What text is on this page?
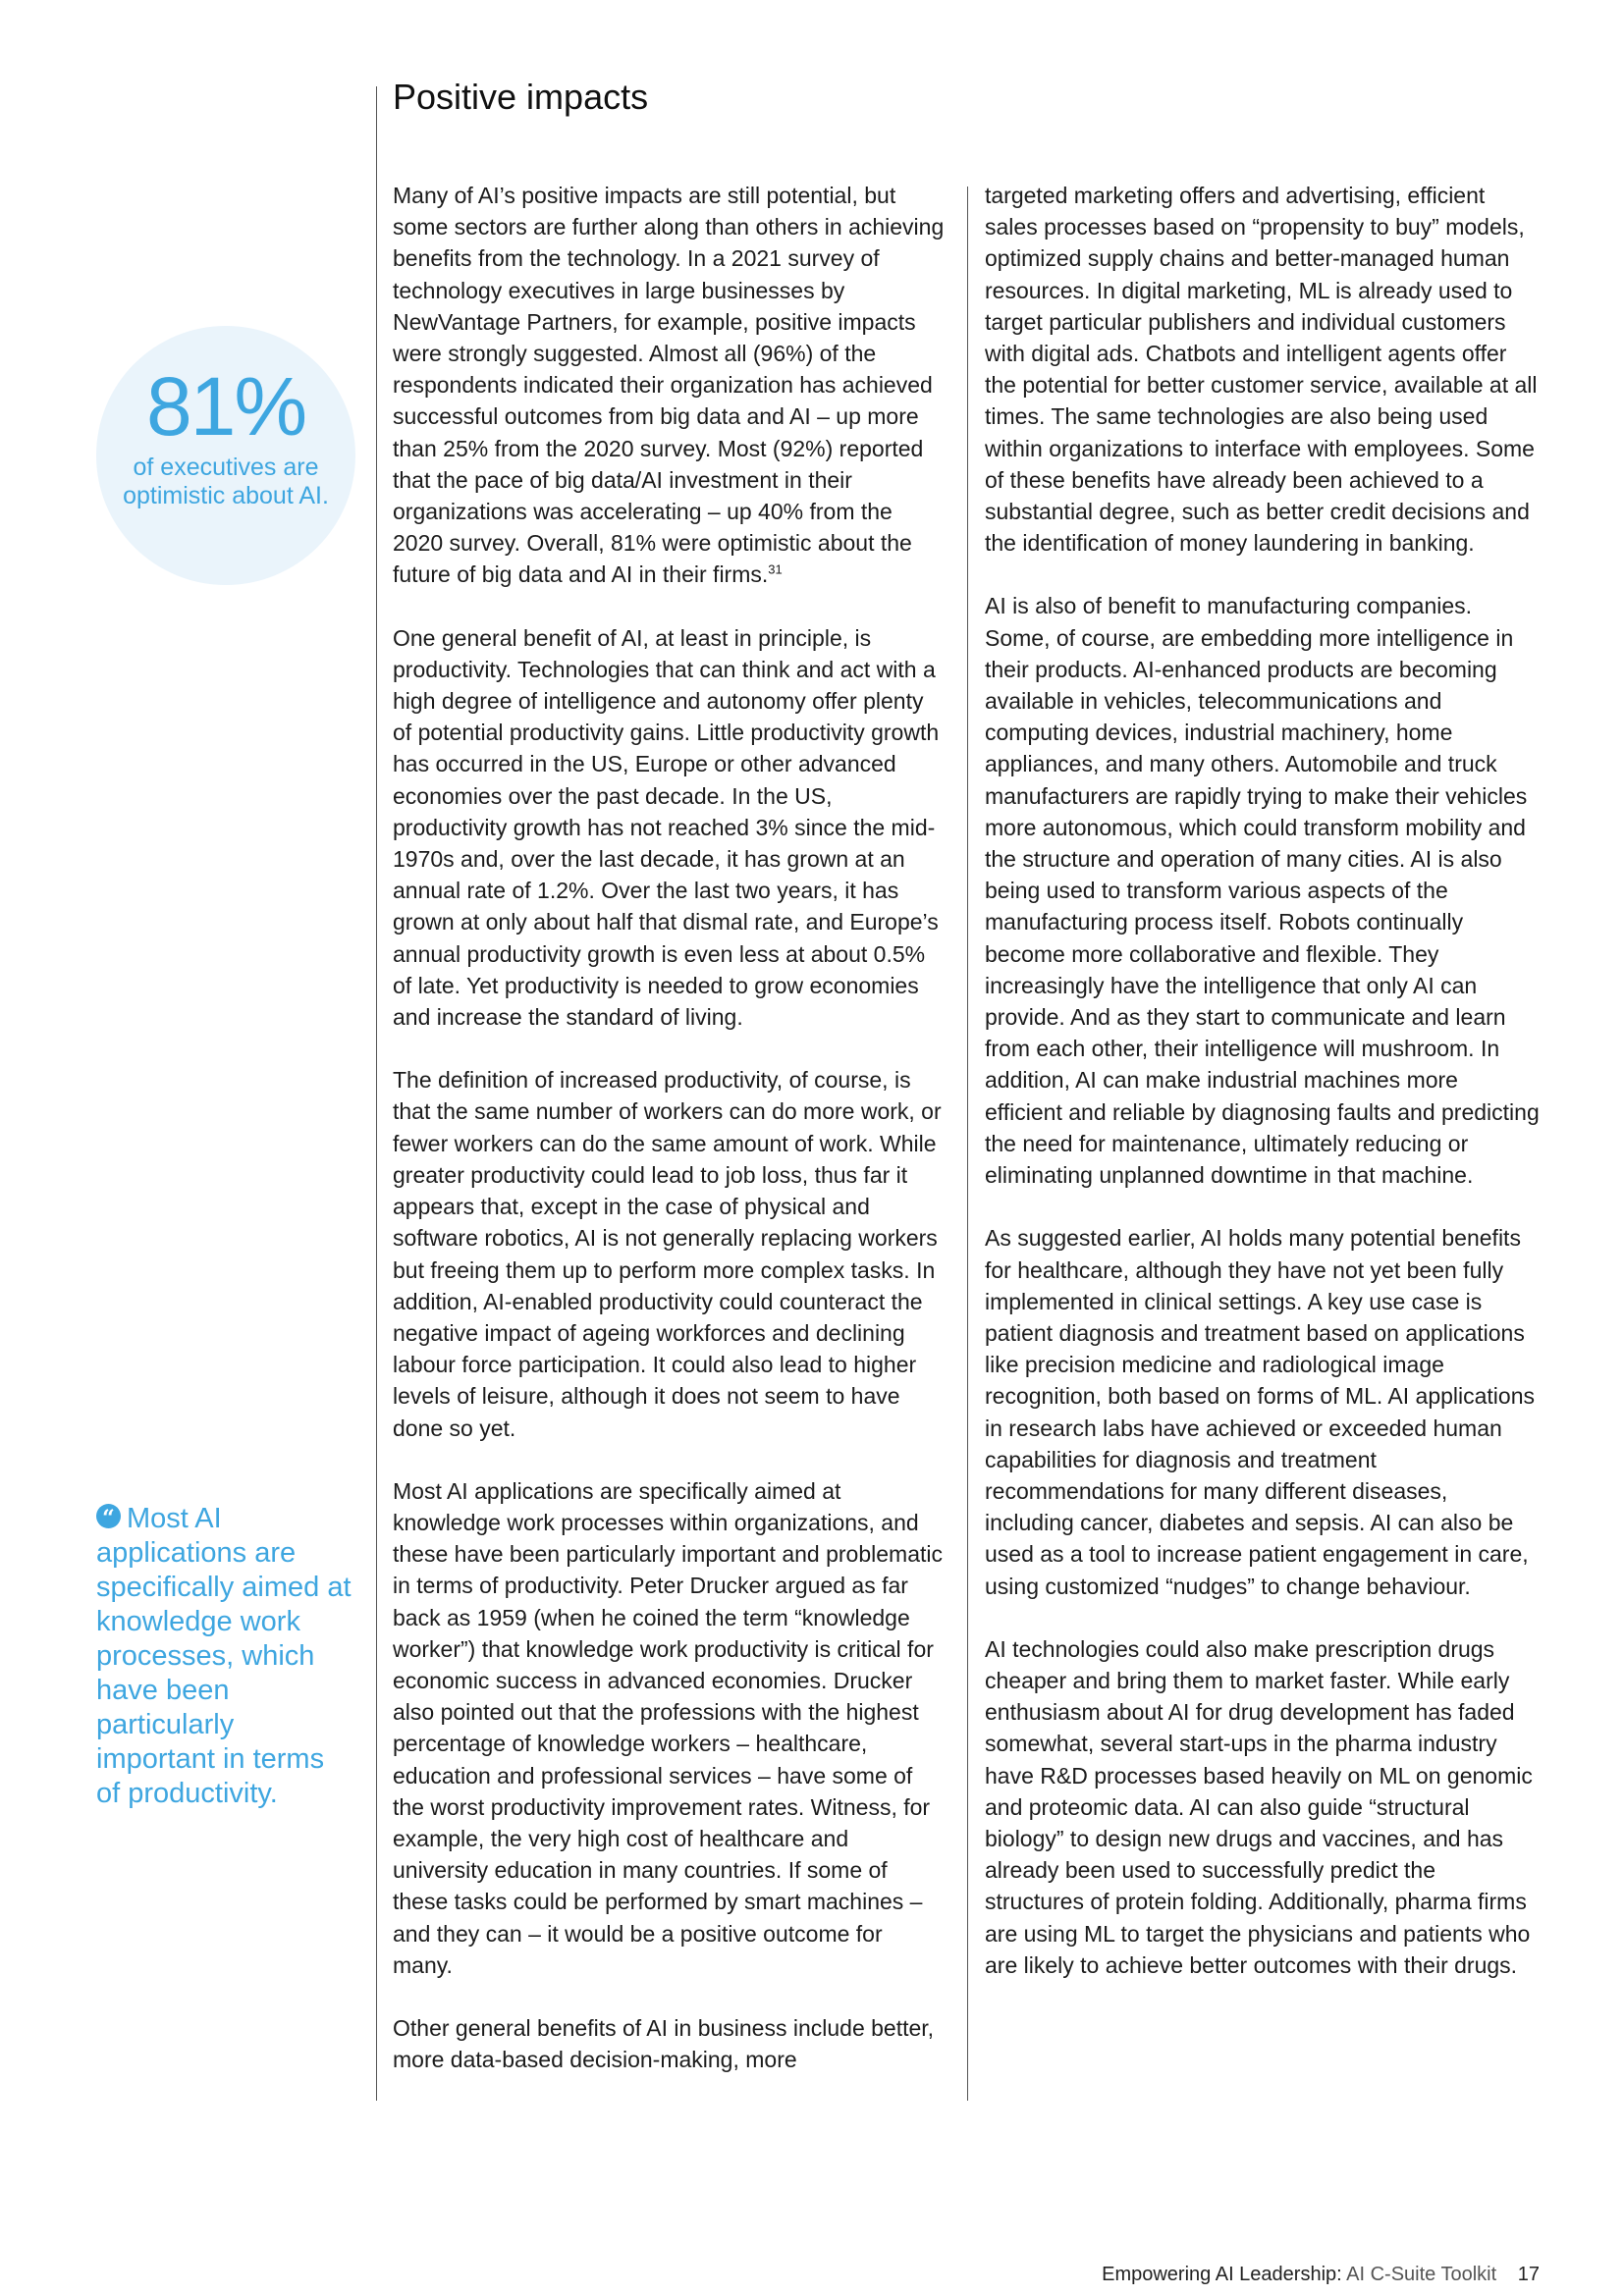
Positive impacts
81%
of executives are optimistic about AI.
“ Most AI applications are specifically aimed at knowledge work processes, which have been particularly important in terms of productivity.

Many of AI’s positive impacts are still potential, but some sectors are further along than others in achieving benefits from the technology. In a 2021 survey of technology executives in large businesses by NewVantage Partners, for example, positive impacts were strongly suggested. Almost all (96%) of the respondents indicated their organization has achieved successful outcomes from big data and AI – up more than 25% from the 2020 survey. Most (92%) reported that the pace of big data/AI investment in their organizations was accelerating – up 40% from the 2020 survey. Overall, 81% were optimistic about the future of big data and AI in their firms.$^{31}$

One general benefit of AI, at least in principle, is productivity. Technologies that can think and act with a high degree of intelligence and autonomy offer plenty of potential productivity gains. Little productivity growth has occurred in the US, Europe or other advanced economies over the past decade. In the US, productivity growth has not reached 3% since the mid-1970s and, over the last decade, it has grown at an annual rate of 1.2%. Over the last two years, it has grown at only about half that dismal rate, and Europe’s annual productivity growth is even less at about 0.5% of late. Yet productivity is needed to grow economies and increase the standard of living.

The definition of increased productivity, of course, is that the same number of workers can do more work, or fewer workers can do the same amount of work. While greater productivity could lead to job loss, thus far it appears that, except in the case of physical and software robotics, AI is not generally replacing workers but freeing them up to perform more complex tasks. In addition, AI-enabled productivity could counteract the negative impact of ageing workforces and declining labour force participation. It could also lead to higher levels of leisure, although it does not seem to have done so yet.

Most AI applications are specifically aimed at knowledge work processes within organizations, and these have been particularly important and problematic in terms of productivity. Peter Drucker argued as far back as 1959 (when he coined the term “knowledge worker”) that knowledge work productivity is critical for economic success in advanced economies. Drucker also pointed out that the professions with the highest percentage of knowledge workers – healthcare, education and professional services – have some of the worst productivity improvement rates. Witness, for example, the very high cost of healthcare and university education in many countries. If some of these tasks could be performed by smart machines – and they can – it would be a positive outcome for many.

Other general benefits of AI in business include better, more data-based decision-making, more

targeted marketing offers and advertising, efficient sales processes based on “propensity to buy” models, optimized supply chains and better-managed human resources. In digital marketing, ML is already used to target particular publishers and individual customers with digital ads. Chatbots and intelligent agents offer the potential for better customer service, available at all times. The same technologies are also being used within organizations to interface with employees. Some of these benefits have already been achieved to a substantial degree, such as better credit decisions and the identification of money laundering in banking.

AI is also of benefit to manufacturing companies. Some, of course, are embedding more intelligence in their products. AI-enhanced products are becoming available in vehicles, telecommunications and computing devices, industrial machinery, home appliances, and many others. Automobile and truck manufacturers are rapidly trying to make their vehicles more autonomous, which could transform mobility and the structure and operation of many cities. AI is also being used to transform various aspects of the manufacturing process itself. Robots continually become more collaborative and flexible. They increasingly have the intelligence that only AI can provide. And as they start to communicate and learn from each other, their intelligence will mushroom. In addition, AI can make industrial machines more efficient and reliable by diagnosing faults and predicting the need for maintenance, ultimately reducing or eliminating unplanned downtime in that machine.

As suggested earlier, AI holds many potential benefits for healthcare, although they have not yet been fully implemented in clinical settings. A key use case is patient diagnosis and treatment based on applications like precision medicine and radiological image recognition, both based on forms of ML. AI applications in research labs have achieved or exceeded human capabilities for diagnosis and treatment recommendations for many different diseases, including cancer, diabetes and sepsis. AI can also be used as a tool to increase patient engagement in care, using customized “nudges” to change behaviour.

AI technologies could also make prescription drugs cheaper and bring them to market faster. While early enthusiasm about AI for drug development has faded somewhat, several start-ups in the pharma industry have R&D processes based heavily on ML on genomic and proteomic data. AI can also guide “structural biology” to design new drugs and vaccines, and has already been used to successfully predict the structures of protein folding. Additionally, pharma firms are using ML to target the physicians and patients who are likely to achieve better outcomes with their drugs.

Empowering AI Leadership: AI C-Suite Toolkit 17
